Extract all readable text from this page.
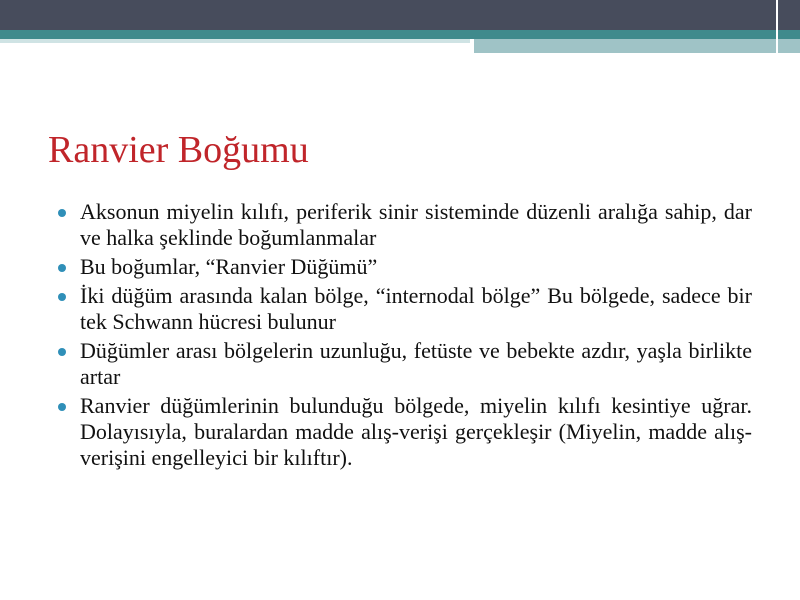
Ranvier Boğumu
Aksonun miyelin kılıfı, periferik sinir sisteminde düzenli aralığa sahip, dar ve halka şeklinde boğumlanmalar
Bu boğumlar, “Ranvier Düğümü”
İki düğüm arasında kalan bölge, “internodal bölge” Bu bölgede, sadece bir tek Schwann hücresi bulunur
Düğümler arası bölgelerin uzunluğu, fetüste ve bebekte azdır, yaşla birlikte artar
Ranvier düğümlerinin bulunduğu bölgede, miyelin kılıfı kesintiye uğrar. Dolayısıyla, buralardan madde alış-verişi gerçekleşir (Miyelin, madde alış-verişini engelleyici bir kılıftır).
